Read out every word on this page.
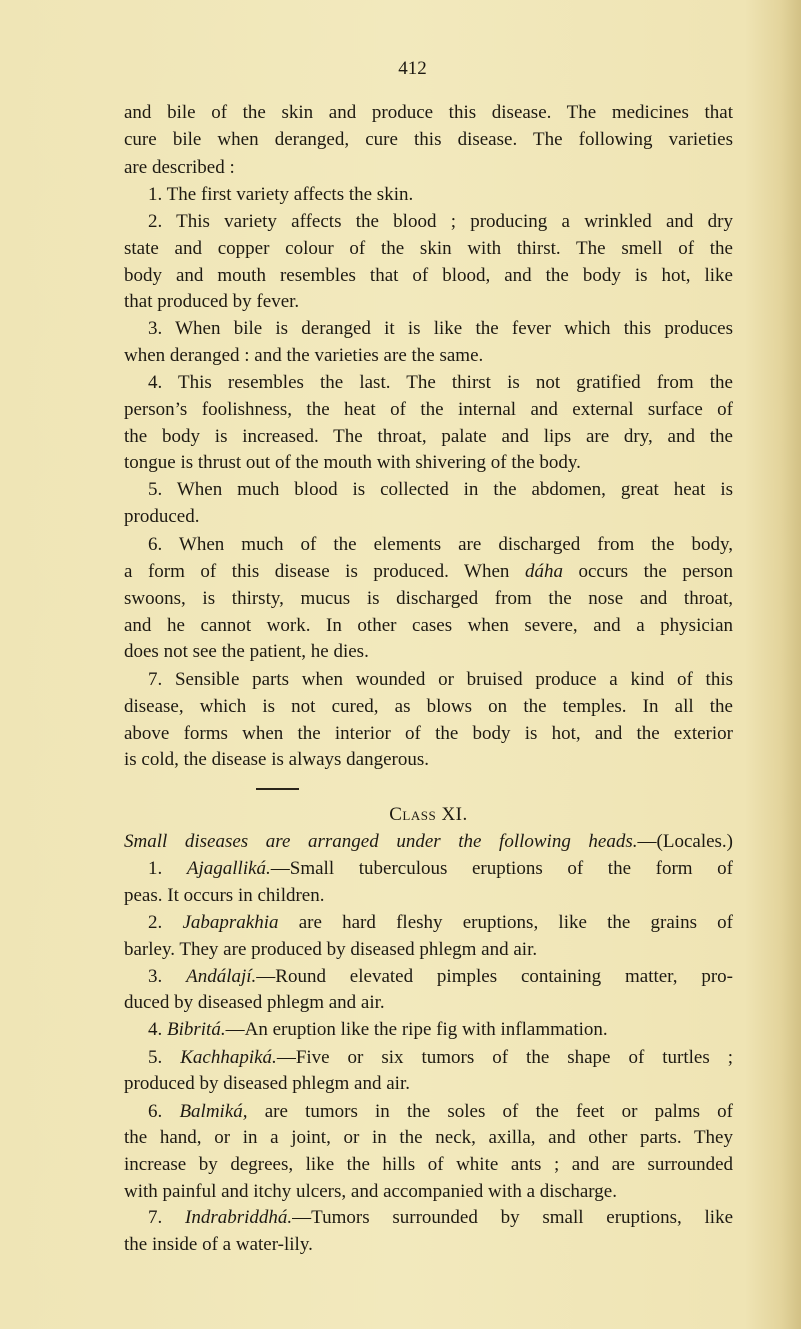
412
and bile of the skin and produce this disease. The medicines that
cure bile when deranged, cure this disease. The following varieties
are described :
1. The first variety affects the skin.
2. This variety affects the blood ; producing a wrinkled and dry
state and copper colour of the skin with thirst. The smell of the
body and mouth resembles that of blood, and the body is hot, like
that produced by fever.
3. When bile is deranged it is like the fever which this produces
when deranged : and the varieties are the same.
4. This resembles the last. The thirst is not gratified from the
person’s foolishness, the heat of the internal and external surface of
the body is increased. The throat, palate and lips are dry, and the
tongue is thrust out of the mouth with shivering of the body.
5. When much blood is collected in the abdomen, great heat is
produced.
6. When much of the elements are discharged from the body,
a form of this disease is produced. When dáha occurs the person
swoons, is thirsty, mucus is discharged from the nose and throat,
and he cannot work. In other cases when severe, and a physician
does not see the patient, he dies.
7. Sensible parts when wounded or bruised produce a kind of this
disease, which is not cured, as blows on the temples. In all the
above forms when the interior of the body is hot, and the exterior
is cold, the disease is always dangerous.
Class XI.
Small diseases are arranged under the following heads.—(Locales.)
1. Ajagalliká.—Small tuberculous eruptions of the form of
peas. It occurs in children.
2. Jabaprakhia are hard fleshy eruptions, like the grains of
barley. They are produced by diseased phlegm and air.
3. Andálají.—Round elevated pimples containing matter, pro-
duced by diseased phlegm and air.
4. Bibritá.—An eruption like the ripe fig with inflammation.
5. Kachhapiká.—Five or six tumors of the shape of turtles ;
produced by diseased phlegm and air.
6. Balmiká, are tumors in the soles of the feet or palms of
the hand, or in a joint, or in the neck, axilla, and other parts. They
increase by degrees, like the hills of white ants ; and are surrounded
with painful and itchy ulcers, and accompanied with a discharge.
7. Indrabriddhá.—Tumors surrounded by small eruptions, like
the inside of a water-lily.
